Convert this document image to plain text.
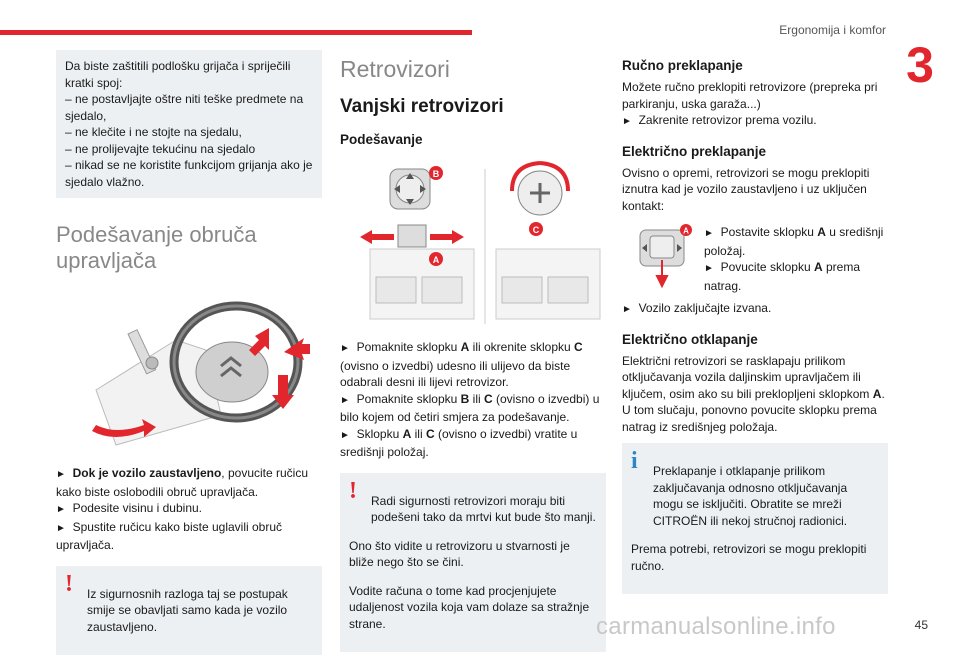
Ergonomija i komfor
3

Da biste zaštitili podlošku grijača i spriječili kratki spoj:

– ne postavljajte oštre niti teške predmete na sjedalo,

– ne klečite i ne stojte na sjedalu,

– ne prolijevajte tekućinu na sjedalo

– nikad se ne koristite funkcijom grijanja ako je sjedalo vlažno.

Podešavanje obruča upravljača

► Dok je vozilo zaustavljeno, povucite ručicu kako biste oslobodili obruč upravljača.

► Podesite visinu i dubinu.

► Spustite ručicu kako biste uglavili obruč upravljača.

!	Iz sigurnosnih razloga taj se postupak smije se obavljati samo kada je vozilo zaustavljeno.

Retrovizori
Vanjski retrovizori
Podešavanje
B
A
C

► Pomaknite sklopku A ili okrenite sklopku C (ovisno o izvedbi) udesno ili ulijevo da biste odabrali desni ili lijevi retrovizor.

► Pomaknite sklopku B ili C (ovisno o izvedbi) u bilo kojem od četiri smjera za podešavanje.

► Sklopku A ili C (ovisno o izvedbi) vratite u središnji položaj.

!	Radi sigurnosti retrovizori moraju biti podešeni tako da mrtvi kut bude što manji.

Ono što vidite u retrovizoru u stvarnosti je bliže nego što se čini.

Vodite računa o tome kad procjenjujete udaljenost vozila koja vam dolaze sa stražnje strane.

Ručno preklapanje

Možete ručno preklopiti retrovizore (prepreka pri parkiranju, uska garaža...)

► Zakrenite retrovizor prema vozilu.

Električno preklapanje

Ovisno o opremi, retrovizori se mogu preklopiti iznutra kad je vozilo zaustavljeno i uz uključen kontakt:

A ► Postavite sklopku A u središnji položaj.

► Povucite sklopku A prema natrag.

► Vozilo zaključajte izvana.

Električno otklapanje

Električni retrovizori se rasklapaju prilikom otključavanja vozila daljinskim upravljačem ili ključem, osim ako su bili preklopljeni sklopkom A. U tom slučaju, ponovno povucite sklopku prema natrag iz središnjeg položaja.

i	Preklapanje i otklapanje prilikom zaključavanja odnosno otključavanja mogu se isključiti. Obratite se mreži CITROËN ili nekoj stručnoj radionici.

Prema potrebi, retrovizori se mogu preklopiti ručno.

carmanualsonline.info	45
